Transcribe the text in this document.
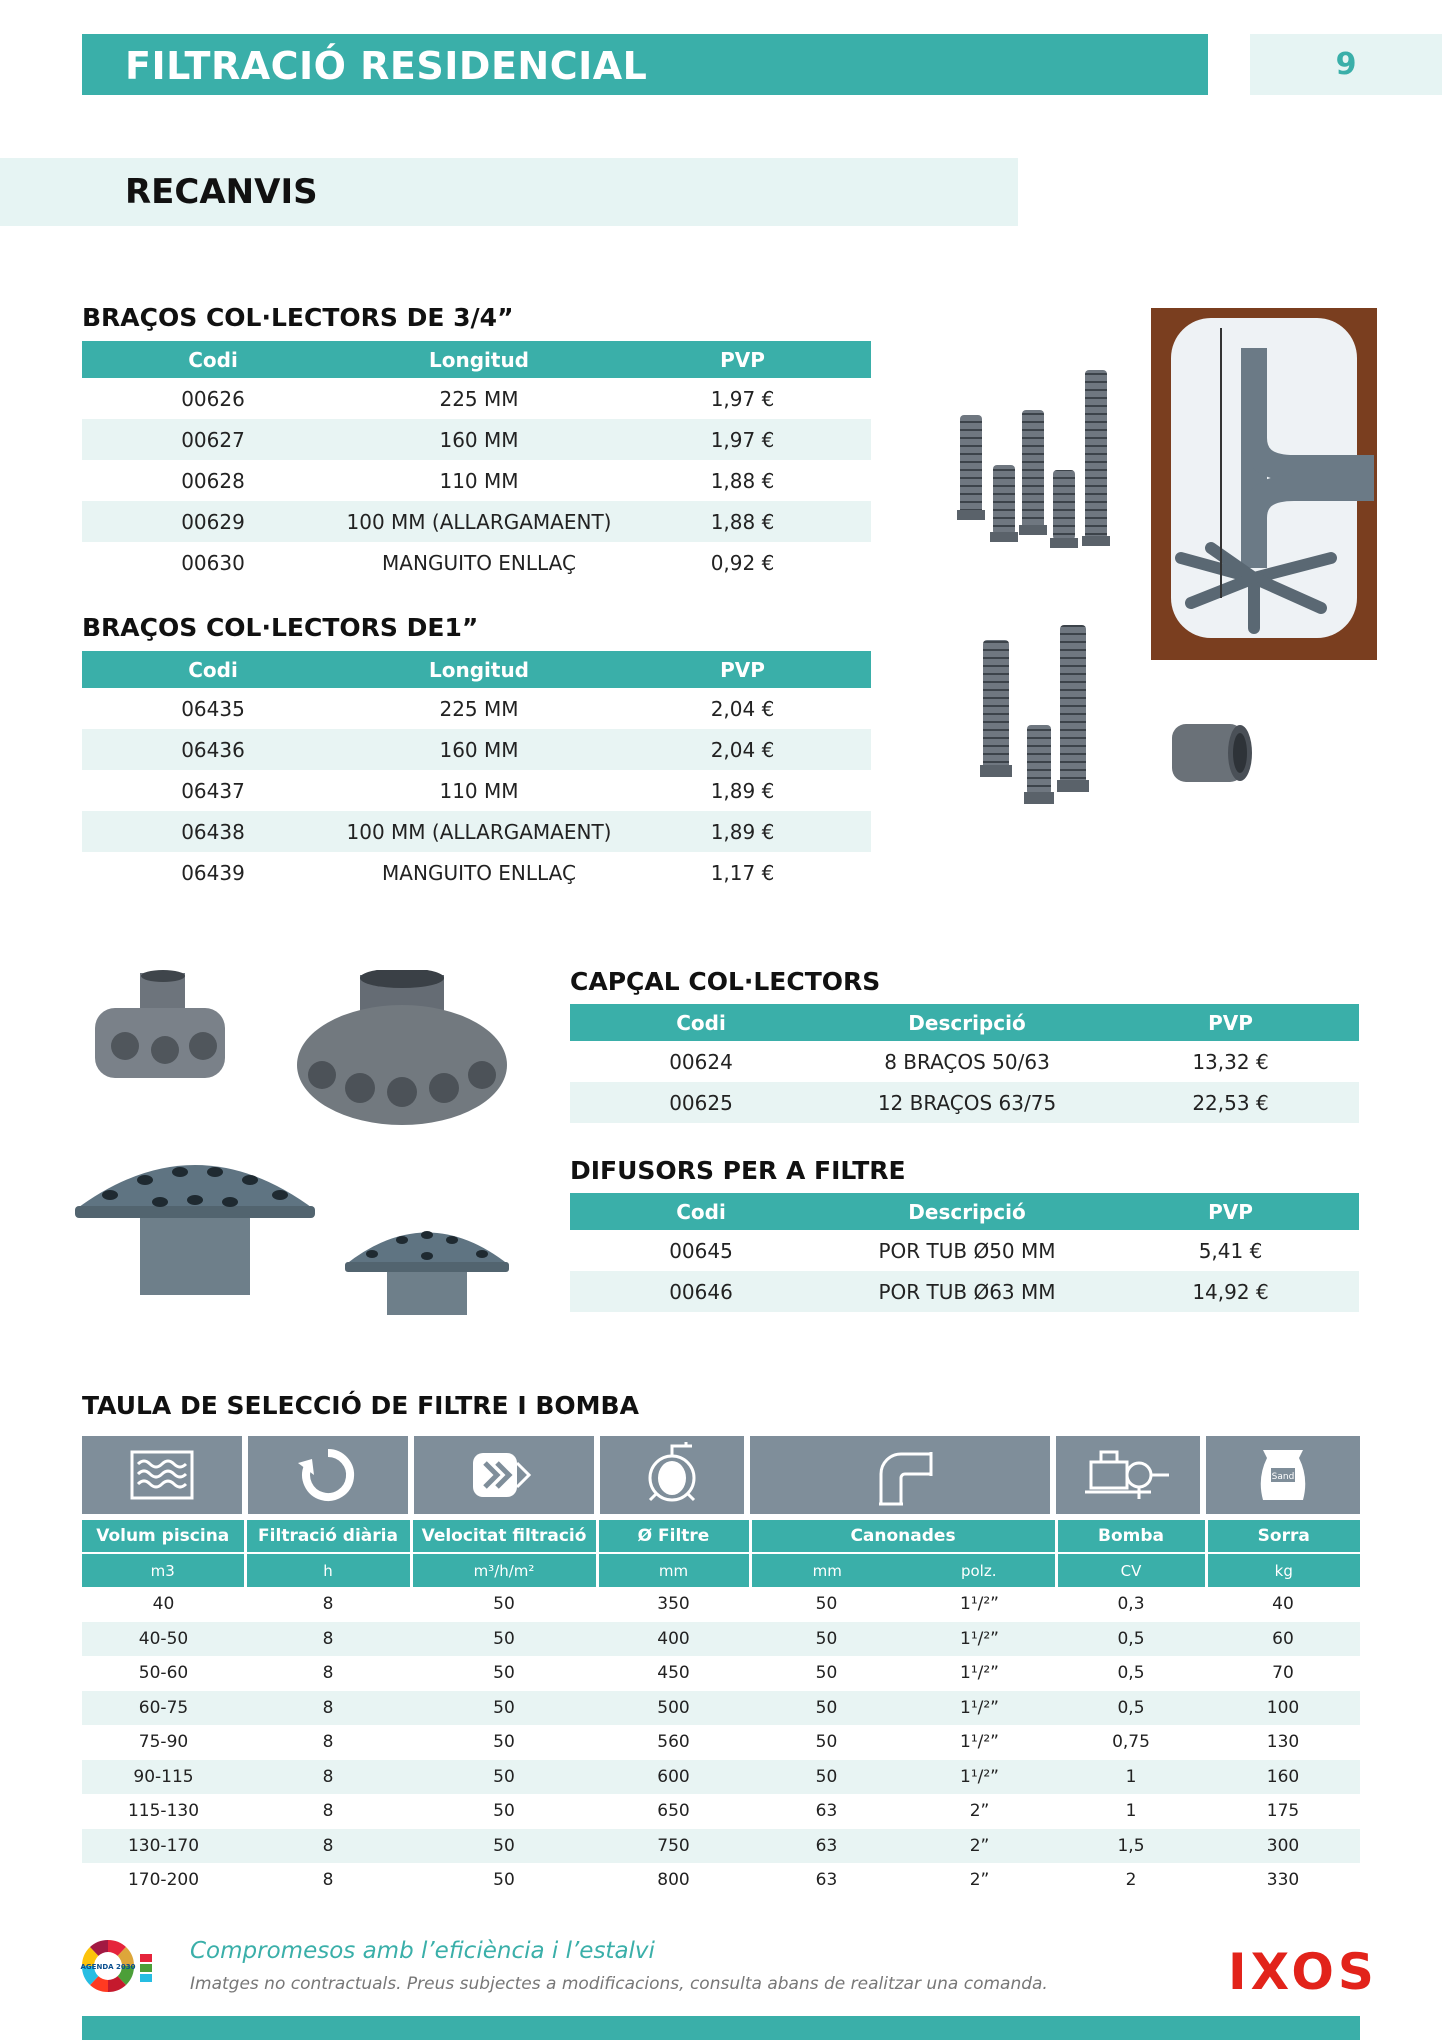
FILTRACIÓ RESIDENCIAL	9
RECANVIS
BRAÇOS COL·LECTORS DE 3/4”
Codi	Longitud	PVP
00626	225 MM	1,97 €
00627	160 MM	1,97 €
00628	110 MM	1,88 €
00629	100 MM (ALLARGAMAENT)	1,88 €
00630	MANGUITO ENLLAÇ	0,92 €
BRAÇOS COL·LECTORS DE1”
Codi	Longitud	PVP
06435	225 MM	2,04 €
06436	160 MM	2,04 €
06437	110 MM	1,89 €
06438	100 MM (ALLARGAMAENT)	1,89 €
06439	MANGUITO ENLLAÇ	1,17 €
CAPÇAL COL·LECTORS
Codi	Descripció	PVP
00624	8 BRAÇOS 50/63	13,32 €
00625	12 BRAÇOS 63/75	22,53 €
DIFUSORS PER A FILTRE
Codi	Descripció	PVP
00645	POR TUB Ø50 MM	5,41 €
00646	POR TUB Ø63 MM	14,92 €
TAULA DE SELECCIÓ DE FILTRE I BOMBA
Sand
Volum piscina	Filtració diària	Velocitat filtració	Ø Filtre	Canonades		Bomba	Sorra
m3	h	m³/h/m²	mm	mm	polz.	CV	kg
40	8	50	350	50	1¹/²”	0,3	40
40-50	8	50	400	50	1¹/²”	0,5	60
50-60	8	50	450	50	1¹/²”	0,5	70
60-75	8	50	500	50	1¹/²”	0,5	100
75-90	8	50	560	50	1¹/²”	0,75	130
90-115	8	50	600	50	1¹/²”	1	160
115-130	8	50	650	63	2”	1	175
130-170	8	50	750	63	2”	1,5	300
170-200	8	50	800	63	2”	2	330
AGENDA 2030
Compromesos amb l’eficiència i l’estalvi
Imatges no contractuals. Preus subjectes a modificacions, consulta abans de realitzar una comanda.	IXOS
